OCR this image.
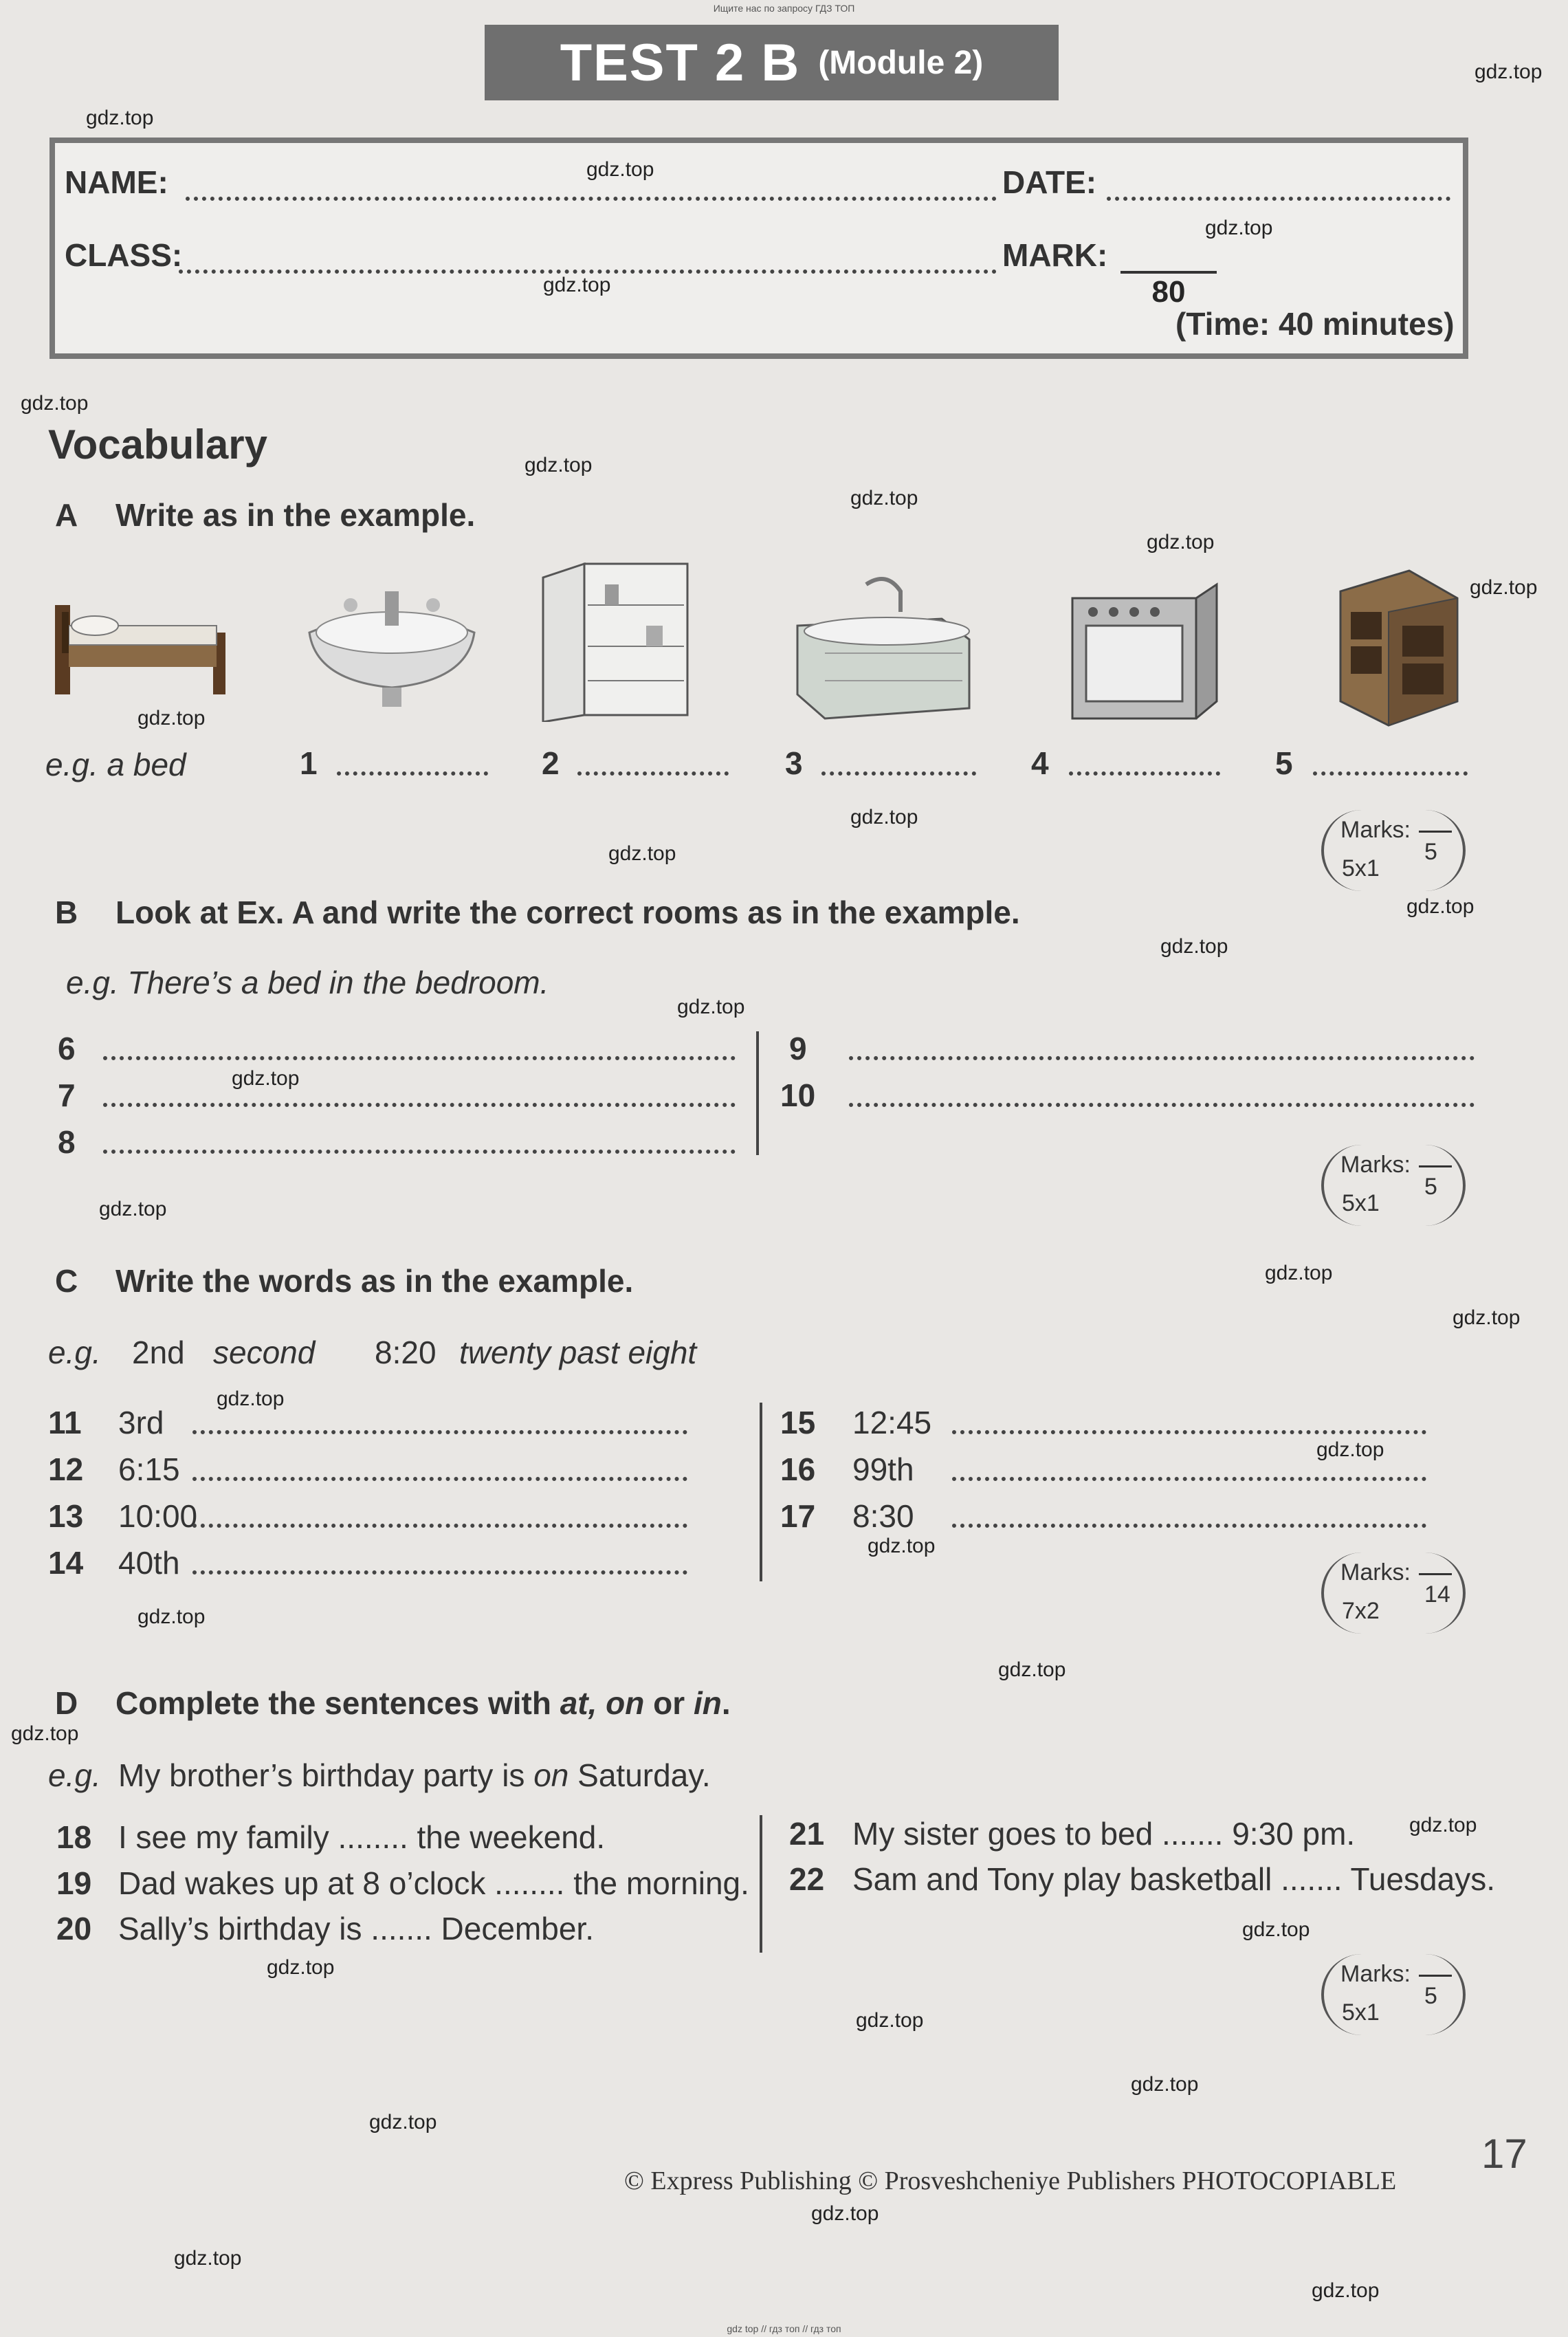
Ищите нас по запросу ГДЗ ТОП
TEST 2 B (Module 2)
NAME:	DATE:
CLASS:	MARK:
80
(Time: 40 minutes)
Vocabulary
A Write as in the example.
e.g. a bed	1	2	3	4	5
Marks:
5
5x1
B Look at Ex. A and write the correct rooms as in the example.
e.g. There’s a bed in the bedroom.
6
7
8
9
10
Marks:
5
5x1
C Write the words as in the example.
e.g. 2nd second 8:20 twenty past eight
11 3rd
12 6:15
13 10:00
14 40th
15 12:45
16 99th
17 8:30
Marks:
14
7x2
D Complete the sentences with at, on or in.
e.g. My brother’s birthday party is on Saturday.
18 I see my family ........ the weekend.
19 Dad wakes up at 8 o’clock ........ the morning.
20 Sally’s birthday is ....... December.
21 My sister goes to bed ....... 9:30 pm.
22 Sam and Tony play basketball ....... Tuesdays.
Marks:
5
5x1
© Express Publishing © Prosveshcheniye Publishers PHOTOCOPIABLE
17
gdz.top
gdz.top
gdz.top
gdz.top
gdz.top
gdz.top
gdz.top
gdz.top
gdz.top
gdz.top
gdz.top
gdz.top
gdz.top
gdz.top
gdz.top
gdz.top
gdz.top
gdz.top
gdz.top
gdz.top
gdz.top
gdz.top
gdz.top
gdz.top
gdz.top
gdz.top
gdz.top
gdz.top
gdz.top
gdz.top
gdz.top
gdz.top
gdz.top
gdz.top
gdz.top
gdz top // гдз топ // гдз топ
